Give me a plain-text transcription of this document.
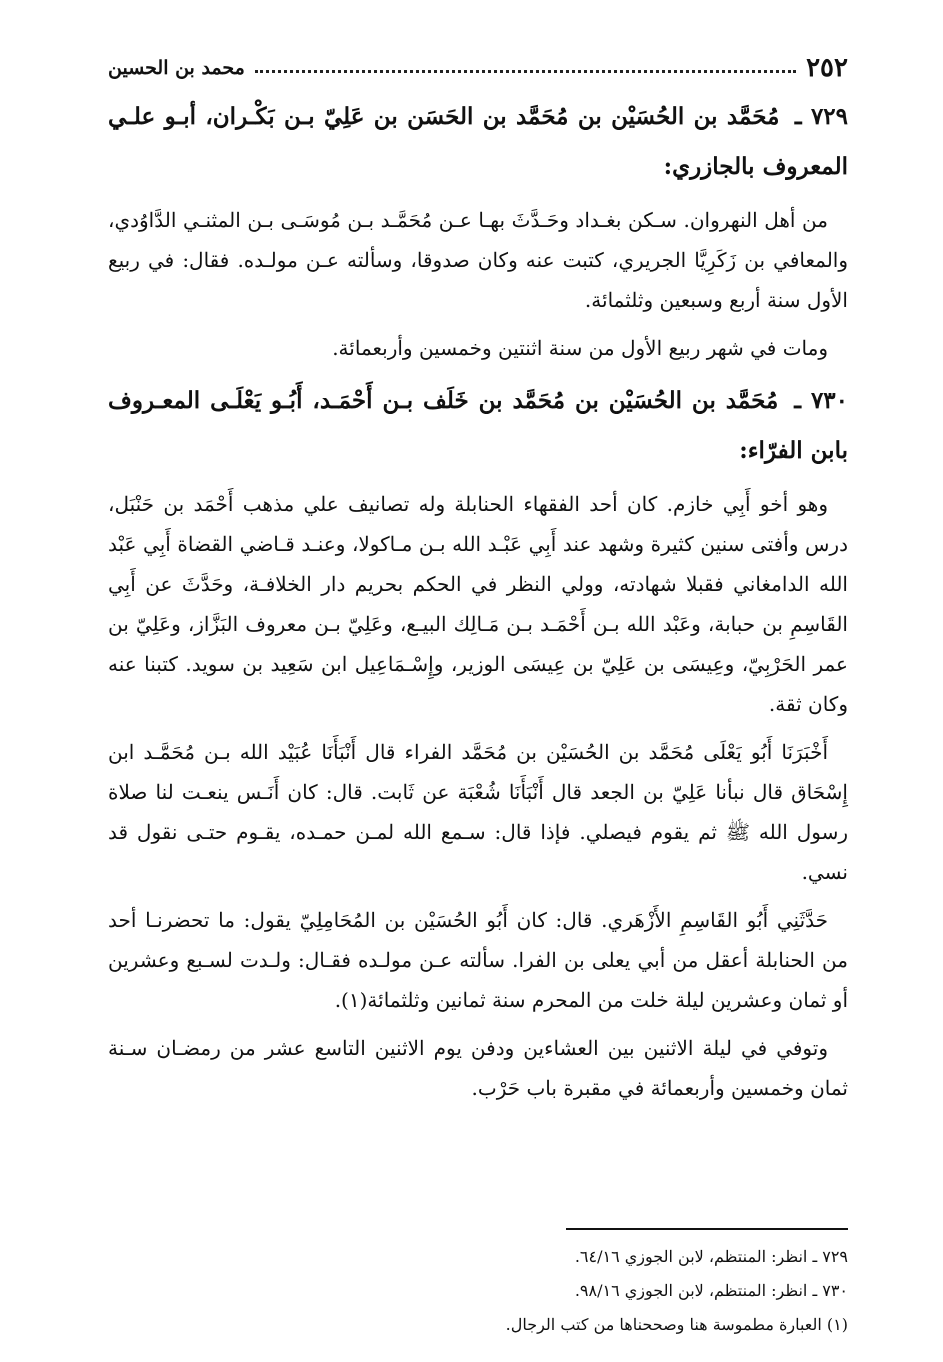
٢٥٢
محمد بن الحسين

٧٢٩ ـ مُحَمَّد بن الحُسَيْن بن مُحَمَّد بن الحَسَن بن عَلِيّ بـن بَكْـران، أبـو علـي المعروف بالجازري:

من أهل النهروان. سـكن بغـداد وحَـدَّثَ بهـا عـن مُحَمَّـد بـن مُوسَـى بـن المثنـي الدَّاوُدي، والمعافي بن زَكَرِيَّا الجريري، كتبت عنه وكان صدوقا، وسألته عـن مولـده. فقال: في ربيع الأول سنة أربع وسبعين وثلثمائة.

ومات في شهر ربيع الأول من سنة اثنتين وخمسين وأربعمائة.

٧٣٠ ـ مُحَمَّد بن الحُسَيْن بن مُحَمَّد بن خَلَف بـن أَحْمَـد، أَبُـو يَعْلَـى المعـروف بابن الفرّاء:

وهو أخو أَبِي خازم. كان أحد الفقهاء الحنابلة وله تصانيف علي مذهب أَحْمَد بن حَنْبَل، درس وأفتى سنين كثيرة وشهد عند أَبِي عَبْـد الله بـن مـاكولا، وعنـد قـاضي القضاة أَبِي عَبْد الله الدامغاني فقبلا شهادته، وولي النظر في الحكم بحريم دار الخلافـة، وحَدَّثَ عن أَبِي القَاسِمِ بن حبابة، وعَبْد الله بـن أَحْمَـد بـن مَـالِك البيـع، وعَلِيّ بـن معروف البَزَّاز، وعَلِيّ بن عمر الحَرْبِيّ، وعِيسَى بن عَلِيّ بن عِيسَى الوزير، وإِسْـمَاعِيل ابن سَعِيد بن سويد. كتبنا عنه وكان ثقة.

أَخْبَرَنَا أَبُو يَعْلَى مُحَمَّد بن الحُسَيْن بن مُحَمَّد الفراء قال أَنْبَأَنَا عُبَيْد الله بـن مُحَمَّـد ابن إِسْحَاق قال نبأنا عَلِيّ بن الجعد قال أَنْبَأَنَا شُعْبَة عن ثَابت. قال: كان أَنَـس ينعـت لنا صلاة رسول الله ﷺ ثم يقوم فيصلي. فإذا قال: سـمع الله لمـن حمـده، يقـوم حتـى نقول قد نسي.

حَدَّثَنِي أَبُو القَاسِمِ الأَزْهَري. قال: كان أَبُو الحُسَيْن بن المُحَامِلِيّ يقول: ما تحضرنـا أحد من الحنابلة أعقل من أبي يعلى بن الفرا. سألته عـن مولـده فقـال: ولـدت لسـبع وعشرين أو ثمان وعشرين ليلة خلت من المحرم سنة ثمانين وثلثمائة(١).

وتوفي في ليلة الاثنين بين العشاءين ودفن يوم الاثنين التاسع عشر من رمضـان سـنة ثمان وخمسين وأربعمائة في مقبرة باب حَرْب.

٧٢٩ ـ انظر: المنتظم، لابن الجوزي ٦٤/١٦.

٧٣٠ ـ انظر: المنتظم، لابن الجوزي ٩٨/١٦.

(١) العبارة مطموسة هنا وصححناها من كتب الرجال.
